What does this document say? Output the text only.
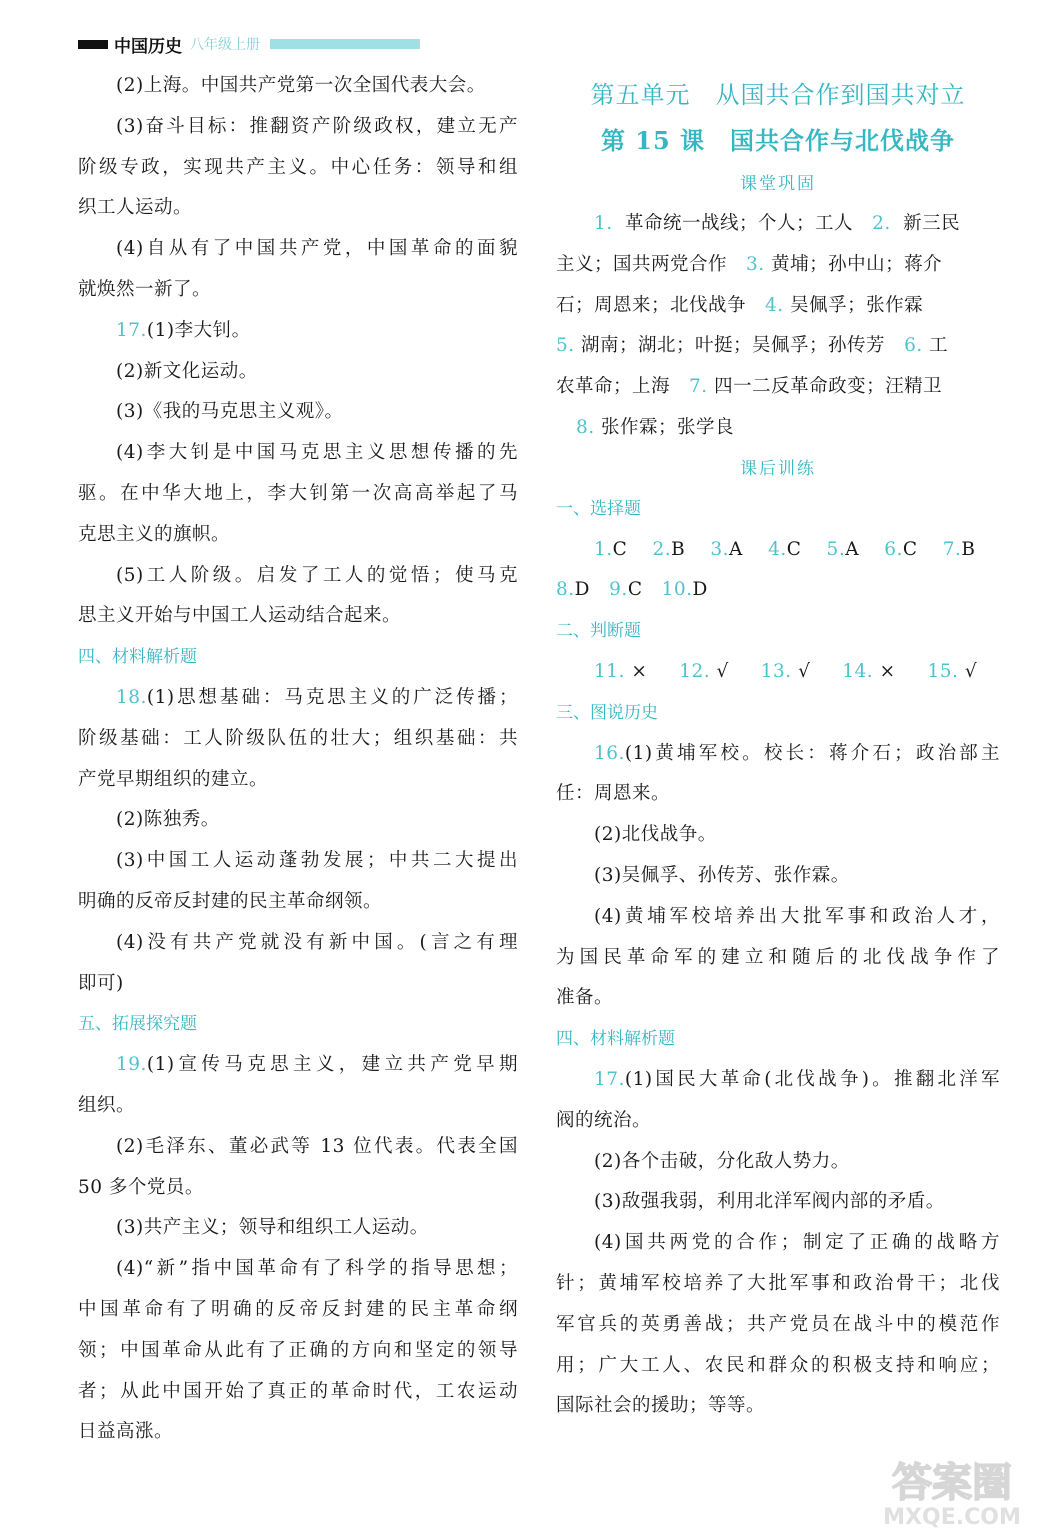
中国历史 八年级上册
(2)上海。中国共产党第一次全国代表大会。
(3)奋斗目标：推翻资产阶级政权，建立无产
阶级专政，实现共产主义。中心任务：领导和组
织工人运动。
(4)自从有了中国共产党，中国革命的面貌
就焕然一新了。
17.(1)李大钊。
(2)新文化运动。
(3)《我的马克思主义观》。
(4)李大钊是中国马克思主义思想传播的先
驱。在中华大地上，李大钊第一次高高举起了马
克思主义的旗帜。
(5)工人阶级。启发了工人的觉悟；使马克
思主义开始与中国工人运动结合起来。
四、材料解析题
18.(1)思想基础：马克思主义的广泛传播；
阶级基础：工人阶级队伍的壮大；组织基础：共
产党早期组织的建立。
(2)陈独秀。
(3)中国工人运动蓬勃发展；中共二大提出
明确的反帝反封建的民主革命纲领。
(4)没有共产党就没有新中国。(言之有理
即可)
五、拓展探究题
19.(1)宣传马克思主义，建立共产党早期
组织。
(2)毛泽东、董必武等 13 位代表。代表全国
50 多个党员。
(3)共产主义；领导和组织工人运动。
(4)“新”指中国革命有了科学的指导思想；
中国革命有了明确的反帝反封建的民主革命纲
领；中国革命从此有了正确的方向和坚定的领导
者；从此中国开始了真正的革命时代，工农运动
日益高涨。
第五单元　从国共合作到国共对立
第 15 课　国共合作与北伐战争
课堂巩固
1. 革命统一战线；个人；工人　 2. 新三民
主义；国共两党合作　 3. 黄埔；孙中山；蒋介
石；周恩来；北伐战争　 4. 吴佩孚；张作霖
5. 湖南；湖北；叶挺；吴佩孚；孙传芳　 6. 工
农革命；上海　 7. 四一二反革命政变；汪精卫
8. 张作霖；张学良
课后训练
一、选择题
1.C 2.B 3.A 4.C 5.A 6.C 7.B
8.D 9.C 10.D
二、判断题
11. × 12. √ 13. √ 14. × 15. √
三、图说历史
16.(1)黄埔军校。校长：蒋介石；政治部主
任：周恩来。
(2)北伐战争。
(3)吴佩孚、孙传芳、张作霖。
(4)黄埔军校培养出大批军事和政治人才，
为国民革命军的建立和随后的北伐战争作了
准备。
四、材料解析题
17.(1)国民大革命(北伐战争)。推翻北洋军
阀的统治。
(2)各个击破，分化敌人势力。
(3)敌强我弱，利用北洋军阀内部的矛盾。
(4)国共两党的合作；制定了正确的战略方
针；黄埔军校培养了大批军事和政治骨干；北伐
军官兵的英勇善战；共产党员在战斗中的模范作
用；广大工人、农民和群众的积极支持和响应；
国际社会的援助；等等。
答案圈
MXQE.COM
